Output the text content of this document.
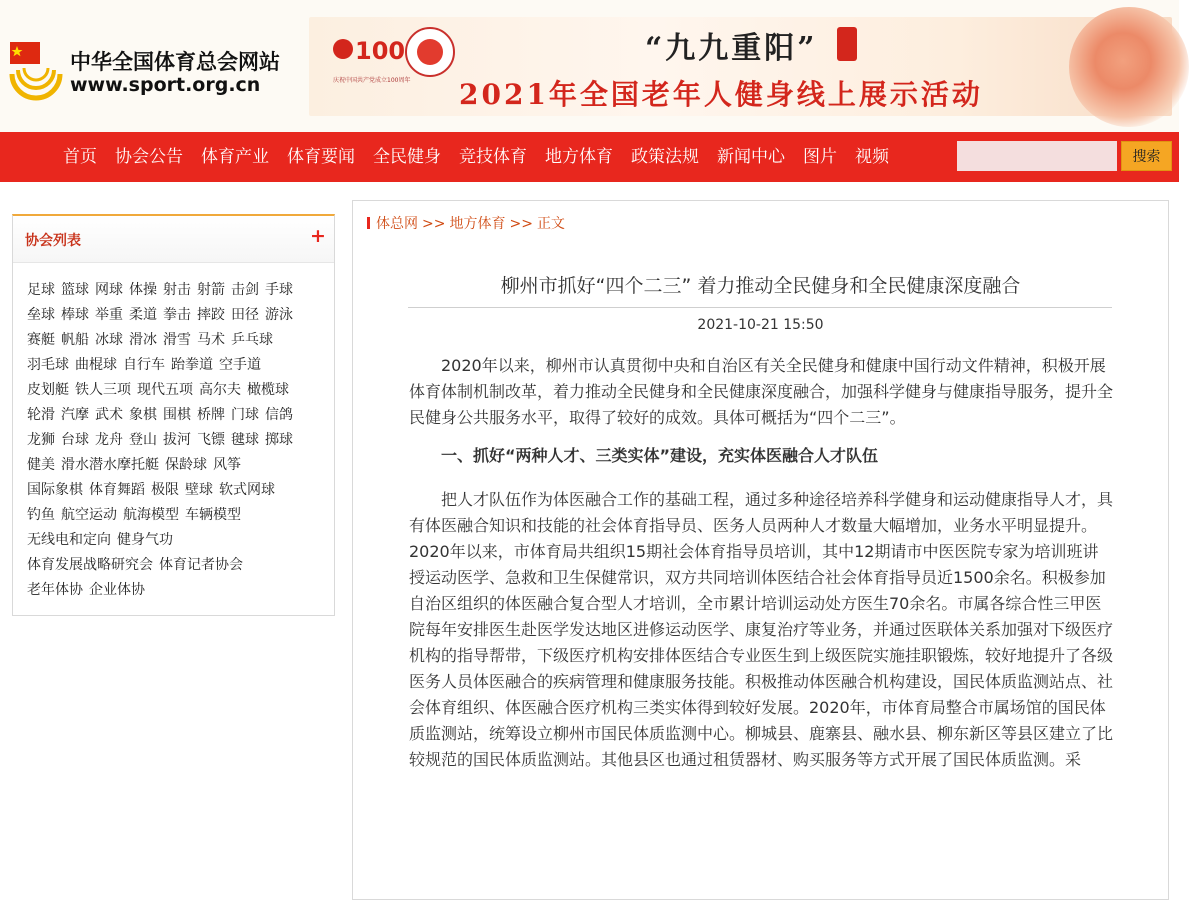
中华全国体育总会网站
www.sport.org.cn
100
庆祝中国共产党成立100周年
“九九重阳”
2021年全国老年人健身线上展示活动
首页	协会公告	体育产业	体育要闻	全民健身	竞技体育	地方体育	政策法规	新闻中心	图片	视频	搜索
协会列表	+
足球 篮球 网球 体操 射击 射箭 击剑 手球
垒球 棒球 举重 柔道 拳击 摔跤 田径 游泳
赛艇 帆船 冰球 滑冰 滑雪 马术 乒乓球
羽毛球 曲棍球 自行车 跆拳道 空手道
皮划艇 铁人三项 现代五项 高尔夫 橄榄球
轮滑 汽摩 武术 象棋 围棋 桥牌 门球 信鸽
龙狮 台球 龙舟 登山 拔河 飞镖 毽球 掷球
健美 滑水潜水摩托艇 保龄球 风筝
国际象棋 体育舞蹈 极限 壁球 软式网球
钓鱼 航空运动 航海模型 车辆模型
无线电和定向 健身气功
体育发展战略研究会 体育记者协会
老年体协 企业体协
体总网 >> 地方体育 >> 正文
柳州市抓好“四个二三” 着力推动全民健身和全民健康深度融合
2021-10-21 15:50

2020年以来，柳州市认真贯彻中央和自治区有关全民健身和健康中国行动文件精神，积极开展体育体制机制改革，着力推动全民健身和全民健康深度融合，加强科学健身与健康指导服务，提升全民健身公共服务水平，取得了较好的成效。具体可概括为“四个二三”。

一、抓好“两种人才、三类实体”建设，充实体医融合人才队伍

把人才队伍作为体医融合工作的基础工程，通过多种途径培养科学健身和运动健康指导人才，具有体医融合知识和技能的社会体育指导员、医务人员两种人才数量大幅增加，业务水平明显提升。2020年以来，市体育局共组织15期社会体育指导员培训，其中12期请市中医医院专家为培训班讲授运动医学、急救和卫生保健常识，双方共同培训体医结合社会体育指导员近1500余名。积极参加自治区组织的体医融合复合型人才培训，全市累计培训运动处方医生70余名。市属各综合性三甲医院每年安排医生赴医学发达地区进修运动医学、康复治疗等业务，并通过医联体关系加强对下级医疗机构的指导帮带，下级医疗机构安排体医结合专业医生到上级医院实施挂职锻炼，较好地提升了各级医务人员体医融合的疾病管理和健康服务技能。积极推动体医融合机构建设，国民体质监测站点、社会体育组织、体医融合医疗机构三类实体得到较好发展。2020年，市体育局整合市属场馆的国民体质监测站，统筹设立柳州市国民体质监测中心。柳城县、鹿寨县、融水县、柳东新区等县区建立了比较规范的国民体质监测站。其他县区也通过租赁器材、购买服务等方式开展了国民体质监测。采
